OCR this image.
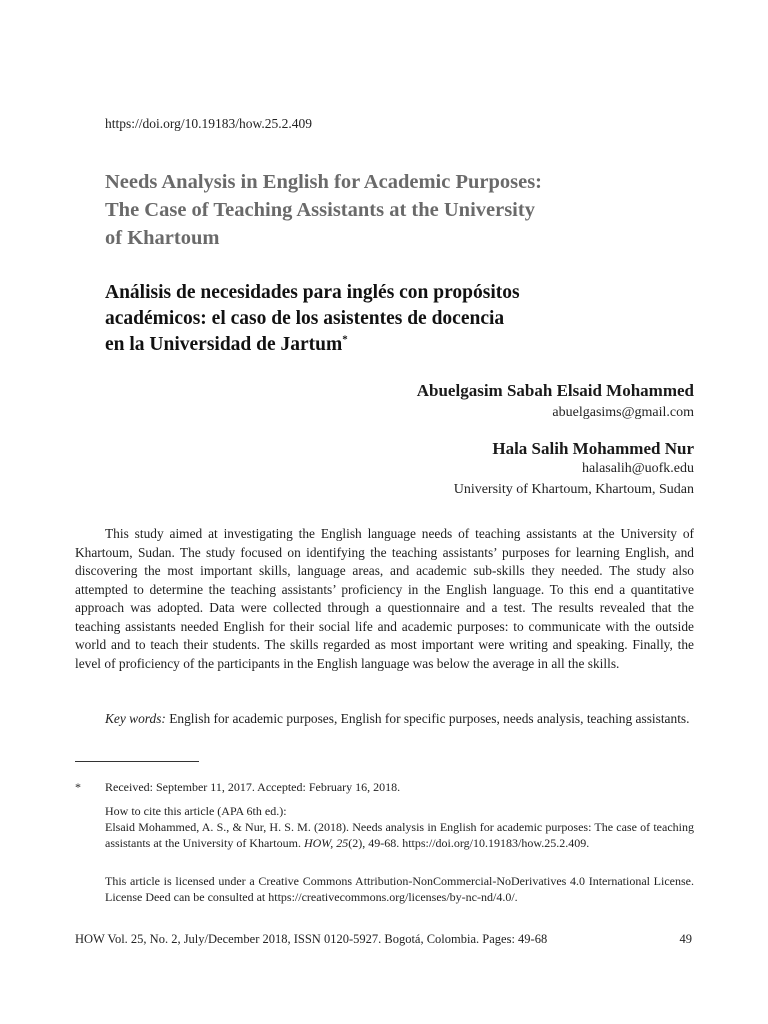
https://doi.org/10.19183/how.25.2.409
Needs Analysis in English for Academic Purposes:
The Case of Teaching Assistants at the University
of Khartoum
Análisis de necesidades para inglés con propósitos
académicos: el caso de los asistentes de docencia
en la Universidad de Jartum*
Abuelgasim Sabah Elsaid Mohammed
abuelgasims@gmail.com
Hala Salih Mohammed Nur
halasalih@uofk.edu
University of Khartoum, Khartoum, Sudan

This study aimed at investigating the English language needs of teaching assistants at the University of Khartoum, Sudan. The study focused on identifying the teaching assistants’ purposes for learning English, and discovering the most important skills, language areas, and academic sub-skills they needed. The study also attempted to determine the teaching assistants’ proficiency in the English language. To this end a quantitative approach was adopted. Data were collected through a questionnaire and a test. The results revealed that the teaching assistants needed English for their social life and academic purposes: to communicate with the outside world and to teach their students. The skills regarded as most important were writing and speaking. Finally, the level of proficiency of the participants in the English language was below the average in all the skills.

Key words: English for academic purposes, English for specific purposes, needs analysis, teaching assistants.

* Received: September 11, 2017. Accepted: February 16, 2018.

How to cite this article (APA 6th ed.):

Elsaid Mohammed, A. S., & Nur, H. S. M. (2018). Needs analysis in English for academic purposes: The case of teaching assistants at the University of Khartoum. HOW, 25(2), 49-68. https://doi.org/10.19183/how.25.2.409.

This article is licensed under a Creative Commons Attribution-NonCommercial-NoDerivatives 4.0 International License. License Deed can be consulted at https://creativecommons.org/licenses/by-nc-nd/4.0/.

HOW Vol. 25, No. 2, July/December 2018, ISSN 0120-5927. Bogotá, Colombia. Pages: 49-68	49
